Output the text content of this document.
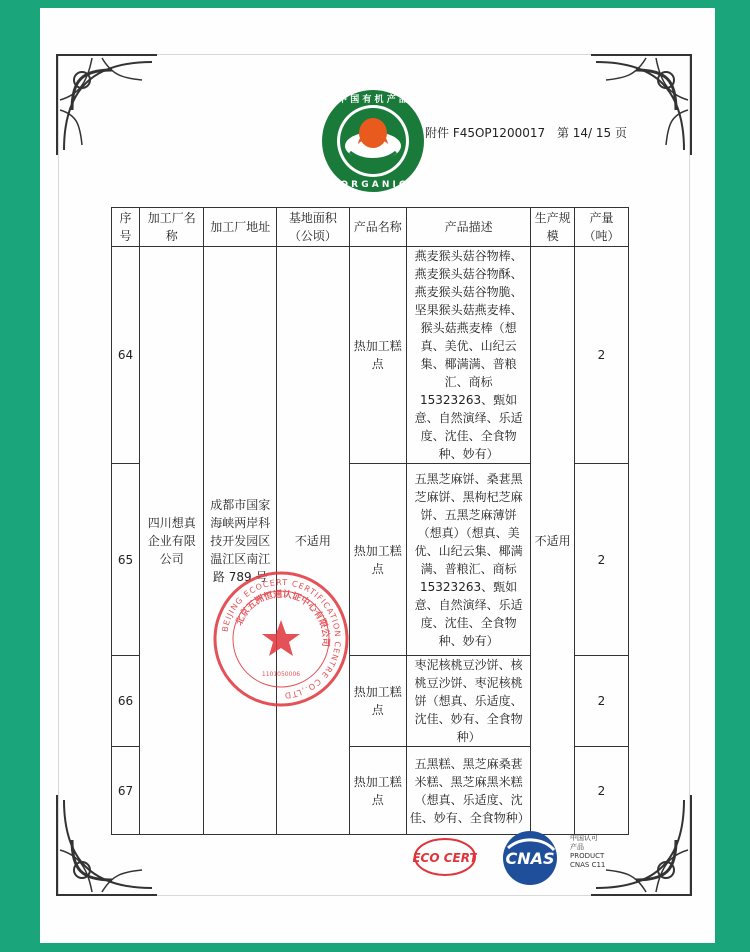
中 国 有 机 产 品
O R G A N I C
附件 F45OP1200017 第 14/ 15 页
序号	加工厂名称	加工厂地址	基地面积（公顷）	产品名称	产品描述	生产规模	产量（吨）
64	四川想真企业有限公司	成都市国家海峡两岸科技开发园区温江区南江路 789 号	不适用	热加工糕点	燕麦猴头菇谷物棒、燕麦猴头菇谷物酥、燕麦猴头菇谷物脆、坚果猴头菇燕麦棒、猴头菇燕麦棒（想真、美优、山纪云集、椰满满、普粮汇、商标 15323263、甄如意、自然演绎、乐适度、沈佳、全食物种、妙有）	不适用	2
65				热加工糕点	五黑芝麻饼、桑葚黑芝麻饼、黑枸杞芝麻饼、五黑芝麻薄饼（想真）（想真、美优、山纪云集、椰满满、普粮汇、商标 15323263、甄如意、自然演绎、乐适度、沈佳、全食物种、妙有）		2
66				热加工糕点	枣泥核桃豆沙饼、核桃豆沙饼、枣泥核桃饼（想真、乐适度、沈佳、妙有、全食物种）		2
67				热加工糕点	五黑糕、黑芝麻桑葚米糕、黑芝麻黑米糕（想真、乐适度、沈佳、妙有、全食物种）		2
BEIJING ECOCERT CERTIFICATION CENTRE CO.,LTD
北京五洲恒通认证中心有限公司
1101050006
ECO CERT CNAS
中国认可
产品
PRODUCT
CNAS C11
